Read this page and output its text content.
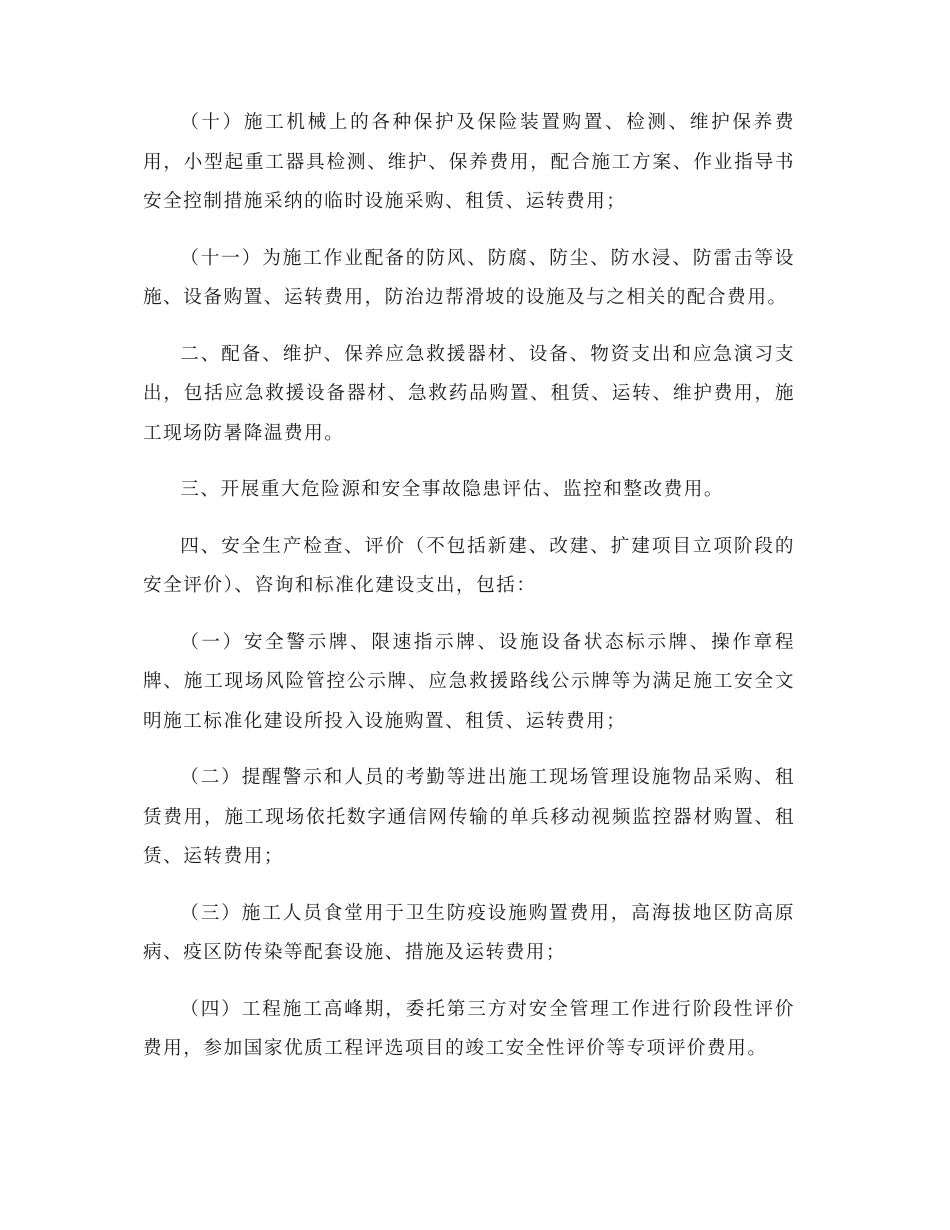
（十）施工机械上的各种保护及保险装置购置、检测、维护保养费用，小型起重工器具检测、维护、保养费用，配合施工方案、作业指导书安全控制措施采纳的临时设施采购、租赁、运转费用；

（十一）为施工作业配备的防风、防腐、防尘、防水浸、防雷击等设施、设备购置、运转费用，防治边帮滑坡的设施及与之相关的配合费用。

二、配备、维护、保养应急救援器材、设备、物资支出和应急演习支出，包括应急救援设备器材、急救药品购置、租赁、运转、维护费用，施工现场防暑降温费用。

三、开展重大危险源和安全事故隐患评估、监控和整改费用。

四、安全生产检查、评价（不包括新建、改建、扩建项目立项阶段的安全评价）、咨询和标准化建设支出，包括：

（一）安全警示牌、限速指示牌、设施设备状态标示牌、操作章程牌、施工现场风险管控公示牌、应急救援路线公示牌等为满足施工安全文明施工标准化建设所投入设施购置、租赁、运转费用；

（二）提醒警示和人员的考勤等进出施工现场管理设施物品采购、租赁费用，施工现场依托数字通信网传输的单兵移动视频监控器材购置、租赁、运转费用；

（三）施工人员食堂用于卫生防疫设施购置费用，高海拔地区防高原病、疫区防传染等配套设施、措施及运转费用；

（四）工程施工高峰期，委托第三方对安全管理工作进行阶段性评价费用，参加国家优质工程评选项目的竣工安全性评价等专项评价费用。
